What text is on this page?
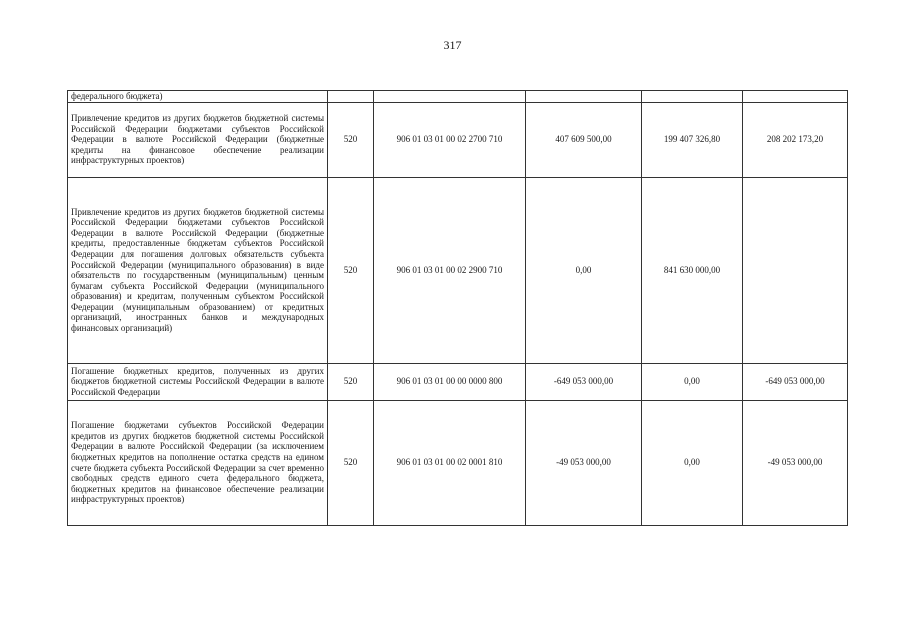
317
федерального бюджета)					
Привлечение кредитов из других бюджетов бюджетной системы Российской Федерации бюджетами субъектов Российской Федерации в валюте Российской Федерации (бюджетные кредиты на финансовое обеспечение реализации инфраструктурных проектов)	520	906 01 03 01 00 02 2700 710	407 609 500,00	199 407 326,80	208 202 173,20
Привлечение кредитов из других бюджетов бюджетной системы Российской Федерации бюджетами субъектов Российской Федерации в валюте Российской Федерации (бюджетные кредиты, предоставленные бюджетам субъектов Российской Федерации для погашения долговых обязательств субъекта Российской Федерации (муниципального образования) в виде обязательств по государственным (муниципальным) ценным бумагам субъекта Российской Федерации (муниципального образования) и кредитам, полученным субъектом Российской Федерации (муниципальным образованием) от кредитных организаций, иностранных банков и международных финансовых организаций)	520	906 01 03 01 00 02 2900 710	0,00	841 630 000,00	
Погашение бюджетных кредитов, полученных из других бюджетов бюджетной системы Российской Федерации в валюте Российской Федерации	520	906 01 03 01 00 00 0000 800	-649 053 000,00	0,00	-649 053 000,00
Погашение бюджетами субъектов Российской Федерации кредитов из других бюджетов бюджетной системы Российской Федерации в валюте Российской Федерации (за исключением бюджетных кредитов на пополнение остатка средств на едином счете бюджета субъекта Российской Федерации за счет временно свободных средств единого счета федерального бюджета, бюджетных кредитов на финансовое обеспечение реализации инфраструктурных проектов)	520	906 01 03 01 00 02 0001 810	-49 053 000,00	0,00	-49 053 000,00
